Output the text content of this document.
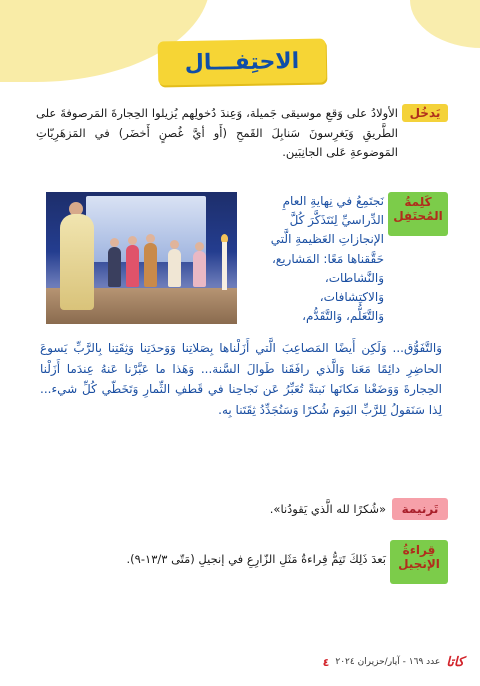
الاحتِفـــال
يَدخُل
الأولادُ على وَقعِ موسيقى جَميلة، وَعِندَ دُخولِهم يُزيلوا الحِجارةَ المَرصوفةَ على الطَّريقِ وَيَغرِسونَ سَنابِلَ القَمحِ (أَو أيَّ غُصنٍ أَخضَر) في المَزهَرِيّاتِ المَوضوعةِ عَلى الجانِبَين.
كَلِمةُ
المُحتَفِل
نَجتَمِعُ في نِهايةِ العامِ
الدِّراسيِّ لِنَتَذَكَّرَ كُلَّ
الإنجازاتِ العَظيمةِ الَّتي
حَقَّقناها مَعًا: المَشاريع،
وَالنَّشاطات،
وَالاكتِشافات،
وَالتَّعَلُّم، وَالتَّقَدُّم،
وَالتَّفَوُّق... وَلَكِن أَيضًا المَصاعِبَ الَّتي أَزَلْناها بِصَلاتِنا وَوَحدَتِنا وَثِقَتِنا بِالرَّبِّ يَسوعَ الحاضِرِ دائِمًا مَعَنا وَالَّذي رافَقَنا طَوالَ السَّنة... وَهَذا ما عَبَّرْنا عَنهُ عِندَما أَزَلْنا الحِجارةَ وَوَضَعْنا مَكانَها نَبتةً تُعَبِّرُ عَن نَجاحِنا في قَطفِ الثِّمارِ وَتَخَطّي كُلِّ شيء... لِذا سَنَقولُ لِلرَّبِّ اليَومَ شُكرًا وَسَنُجَدِّدُ ثِقَتَنا بِه.
تَرنيمة
«شُكرًا لله الَّذي يَقودُنا».
قِراءةُ
الإنجيل
بَعدَ ذَلِكَ تَتِمُّ قِراءةُ مَثَلِ الزّارِعِ في إنجيلِ (مَتّى ١٣/٣-٩).
كاتا
عدد ١٦٩ - آيار/حزيران ٢٠٢٤
٤
